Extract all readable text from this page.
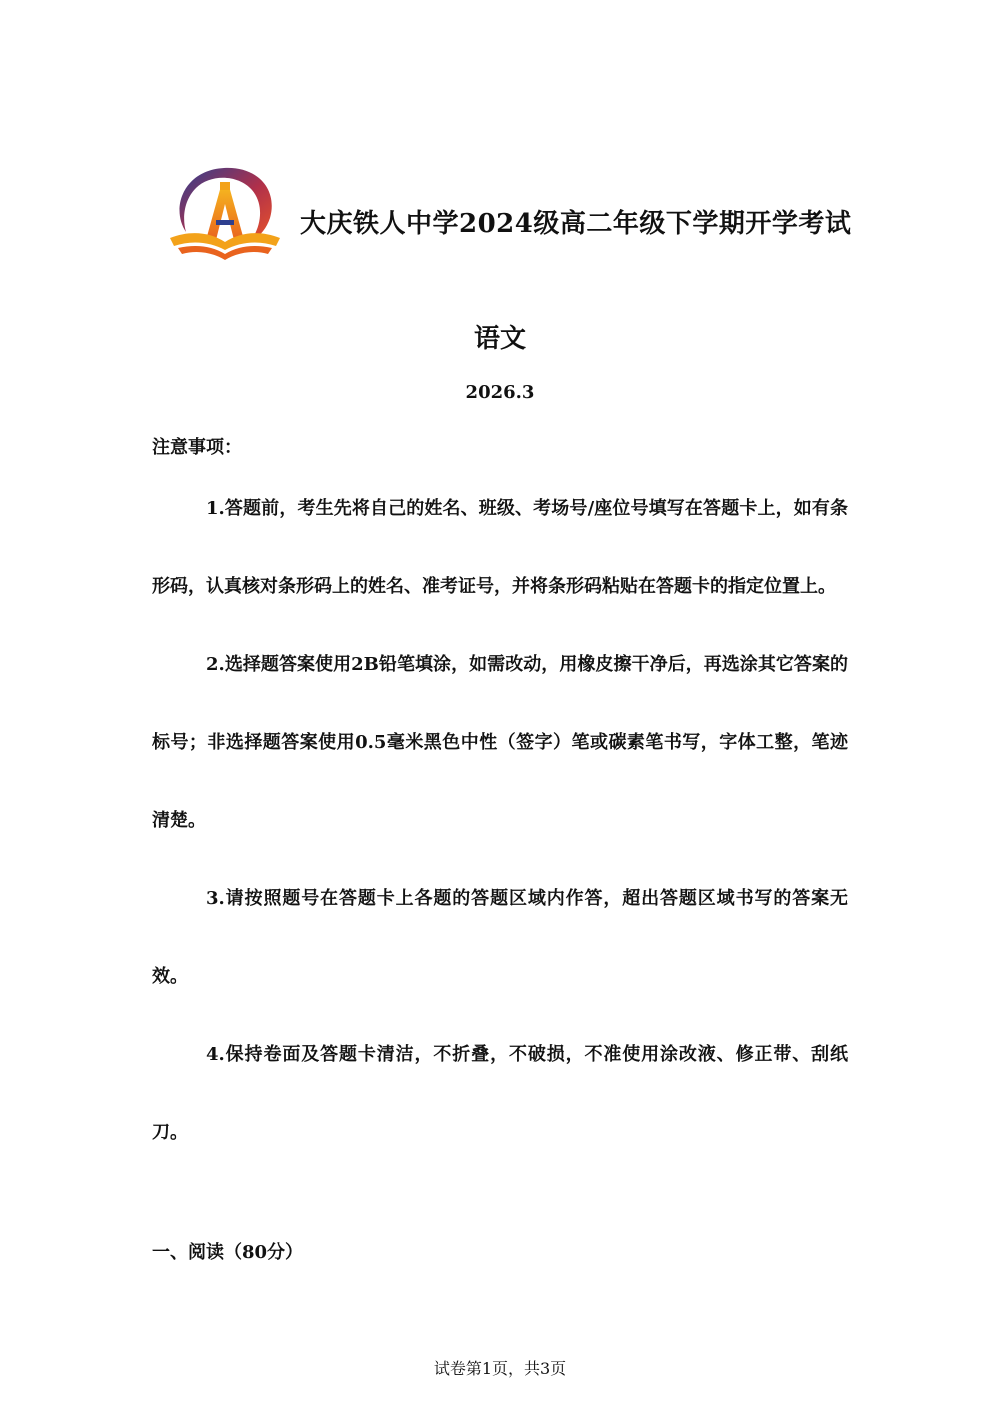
大庆铁人中学2024级高二年级下学期开学考试
语文
2026.3
注意事项：

1.答题前，考生先将自己的姓名、班级、考场号/座位号填写在答题卡上，如有条形码，认真核对条形码上的姓名、准考证号，并将条形码粘贴在答题卡的指定位置上。

2.选择题答案使用2B铅笔填涂，如需改动，用橡皮擦干净后，再选涂其它答案的标号；非选择题答案使用0.5毫米黑色中性（签字）笔或碳素笔书写，字体工整，笔迹清楚。

3.请按照题号在答题卡上各题的答题区域内作答，超出答题区域书写的答案无效。

4.保持卷面及答题卡清洁，不折叠，不破损，不准使用涂改液、修正带、刮纸刀。

一、阅读（80分）
试卷第1页，共3页
